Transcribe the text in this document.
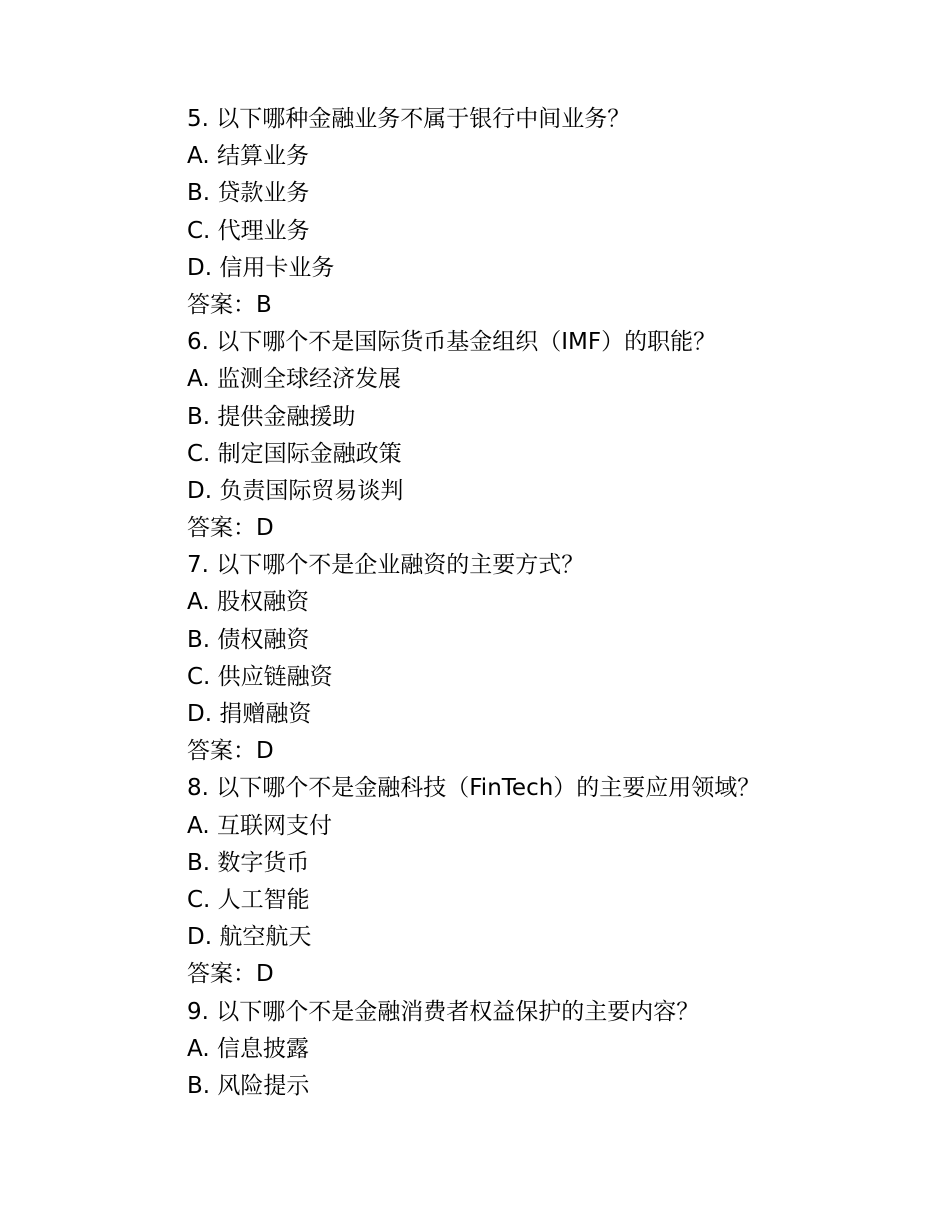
5. 以下哪种金融业务不属于银行中间业务？
A. 结算业务
B. 贷款业务
C. 代理业务
D. 信用卡业务
答案：B
6. 以下哪个不是国际货币基金组织（IMF）的职能？
A. 监测全球经济发展
B. 提供金融援助
C. 制定国际金融政策
D. 负责国际贸易谈判
答案：D
7. 以下哪个不是企业融资的主要方式？
A. 股权融资
B. 债权融资
C. 供应链融资
D. 捐赠融资
答案：D
8. 以下哪个不是金融科技（FinTech）的主要应用领域？
A. 互联网支付
B. 数字货币
C. 人工智能
D. 航空航天
答案：D
9. 以下哪个不是金融消费者权益保护的主要内容？
A. 信息披露
B. 风险提示
